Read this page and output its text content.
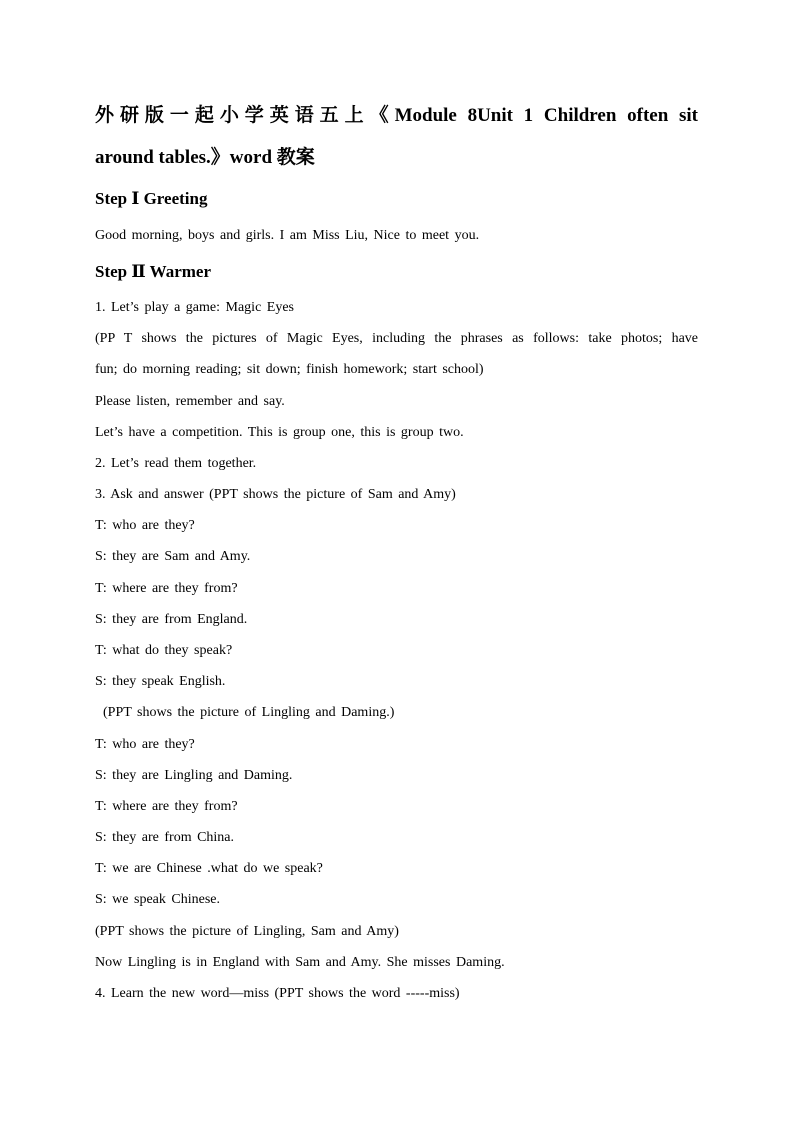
外研版一起小学英语五上《Module 8Unit 1 Children often sit
around tables.》word 教案
Step Ⅰ Greeting
Good morning, boys and girls. I am Miss Liu, Nice to meet you.
Step Ⅱ Warmer
1. Let’s play a game: Magic Eyes
(PP T shows the pictures of Magic Eyes, including the phrases as follows: take photos; have
fun; do morning reading; sit down; finish homework; start school)
Please listen, remember and say.
Let’s have a competition. This is group one, this is group two.
2. Let’s read them together.
3. Ask and answer (PPT shows the picture of Sam and Amy)
T: who are they?
S: they are Sam and Amy.
T: where are they from?
S: they are from England.
T: what do they speak?
S: they speak English.
(PPT shows the picture of Lingling and Daming.)
T: who are they?
S: they are Lingling and Daming.
T: where are they from?
S: they are from China.
T: we are Chinese .what do we speak?
S: we speak Chinese.
(PPT shows the picture of Lingling, Sam and Amy)
Now Lingling is in England with Sam and Amy. She misses Daming.
4. Learn the new word—miss (PPT shows the word -----miss)
